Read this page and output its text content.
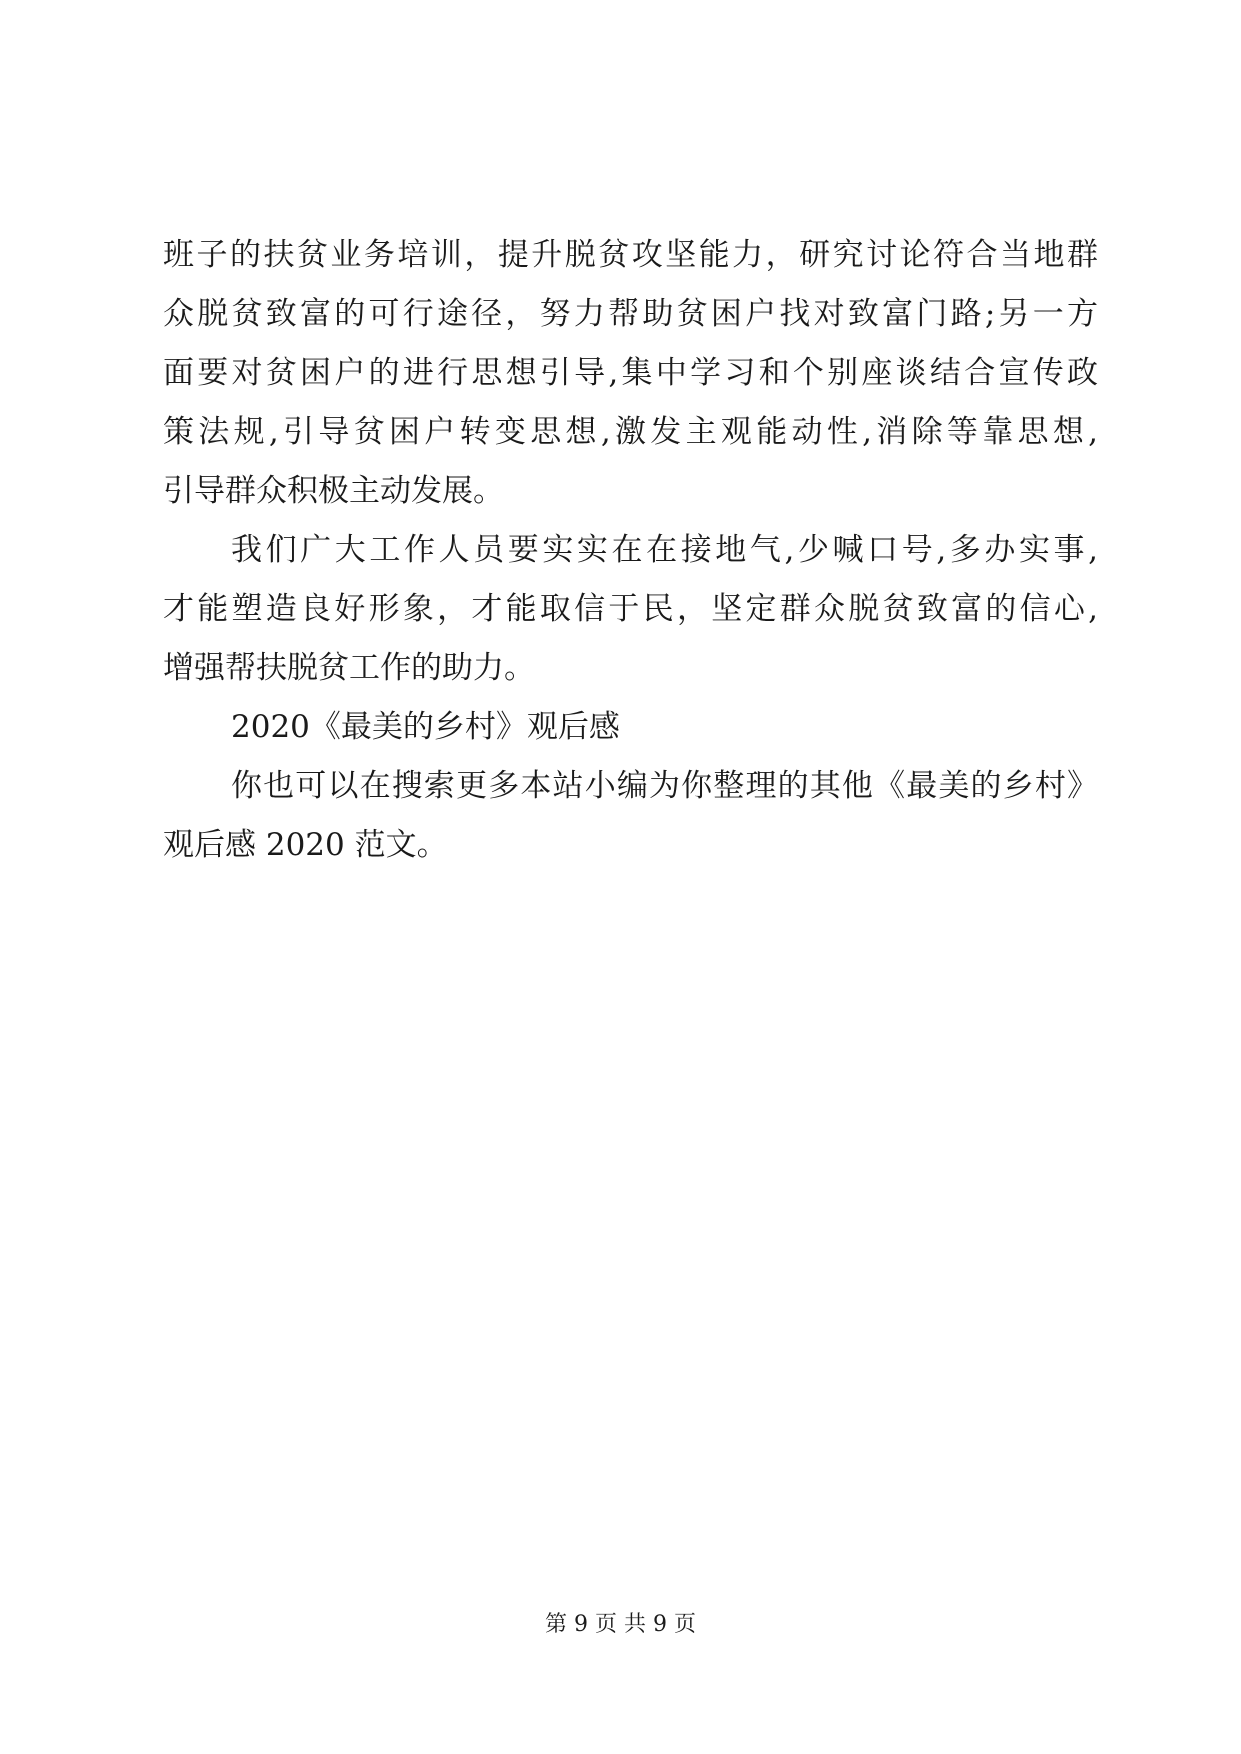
班子的扶贫业务培训，提升脱贫攻坚能力，研究讨论符合当地群
众脱贫致富的可行途径，努力帮助贫困户找对致富门路;另一方
面要对贫困户的进行思想引导,集中学习和个别座谈结合宣传政
策法规,引导贫困户转变思想,激发主观能动性,消除等靠思想,
引导群众积极主动发展。
我们广大工作人员要实实在在接地气,少喊口号,多办实事,
才能塑造良好形象，才能取信于民，坚定群众脱贫致富的信心,
增强帮扶脱贫工作的助力。
2020《最美的乡村》观后感
你也可以在搜索更多本站小编为你整理的其他《最美的乡村》
观后感 2020 范文。
第 9 页 共 9 页
